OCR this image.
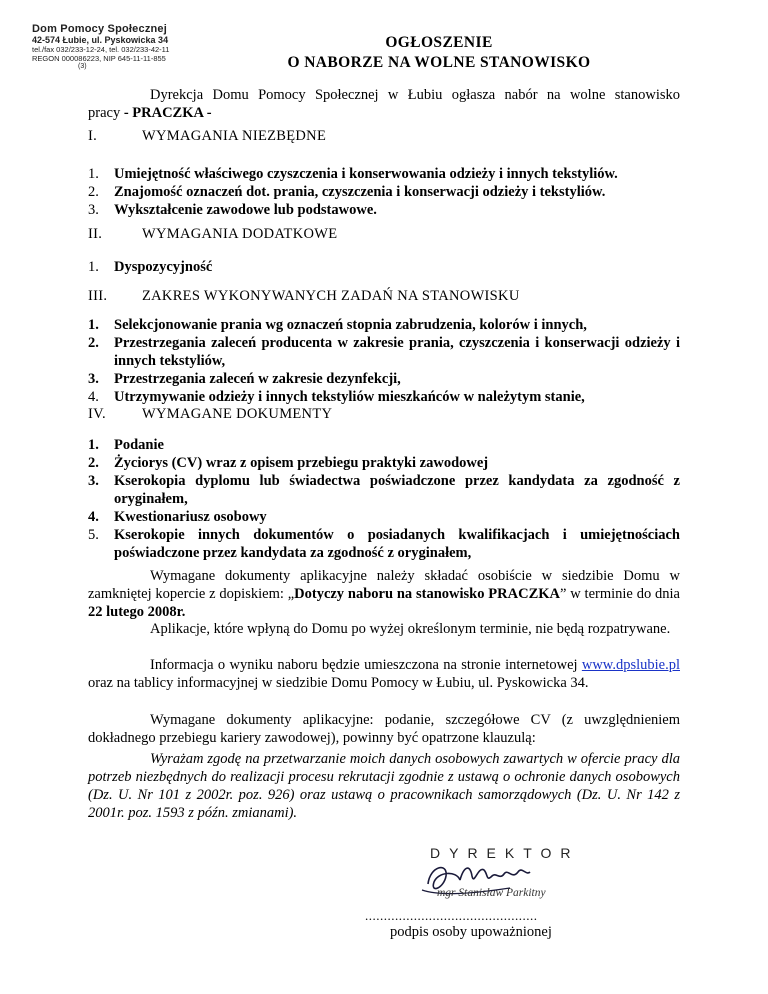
Dom Pomocy Społecznej
42-574 Łubie, ul. Pyskowicka 34
tel./fax 032/233-12-24, tel. 032/233-42-11
REGON 000086223, NIP 645-11-11-855
(3)
OGŁOSZENIE
O NABORZE NA WOLNE STANOWISKO
Dyrekcja Domu Pomocy Społecznej w Łubiu ogłasza nabór na wolne stanowisko
pracy - PRACZKA -
I.	WYMAGANIA NIEZBĘDNE
1. Umiejętność właściwego czyszczenia i konserwowania odzieży i innych tekstyliów.
2. Znajomość oznaczeń dot. prania, czyszczenia i konserwacji odzieży i tekstyliów.
3. Wykształcenie zawodowe lub podstawowe.
II.	WYMAGANIA DODATKOWE
1. Dyspozycyjność
III. ZAKRES WYKONYWANYCH ZADAŃ NA STANOWISKU
1. Selekcjonowanie prania wg oznaczeń stopnia zabrudzenia, kolorów i innych,
2. Przestrzegania zaleceń producenta w zakresie prania, czyszczenia i konserwacji odzieży i innych tekstyliów,
3. Przestrzegania zaleceń w zakresie dezynfekcji,
4. Utrzymywanie odzieży i innych tekstyliów mieszkańców w należytym stanie,
IV. WYMAGANE DOKUMENTY
1. Podanie
2. Życiorys (CV) wraz z opisem przebiegu praktyki zawodowej
3. Kserokopia dyplomu lub świadectwa poświadczone przez kandydata za zgodność z oryginałem,
4. Kwestionariusz osobowy
5. Kserokopie innych dokumentów o posiadanych kwalifikacjach i umiejętnościach poświadczone przez kandydata za zgodność z oryginałem,
Wymagane dokumenty aplikacyjne należy składać osobiście w siedzibie Domu w zamkniętej kopercie z dopiskiem: „Dotyczy naboru na stanowisko PRACZKA” w terminie do dnia 22 lutego 2008r.
Aplikacje, które wpłyną do Domu po wyżej określonym terminie, nie będą rozpatrywane.
Informacja o wyniku naboru będzie umieszczona na stronie internetowej www.dpslubie.pl oraz na tablicy informacyjnej w siedzibie Domu Pomocy w Łubiu, ul. Pyskowicka 34.
Wymagane dokumenty aplikacyjne: podanie, szczegółowe CV (z uwzględnieniem dokładnego przebiegu kariery zawodowej), powinny być opatrzone klauzulą:
Wyrażam zgodę na przetwarzanie moich danych osobowych zawartych w ofercie pracy dla potrzeb niezbędnych do realizacji procesu rekrutacji zgodnie z ustawą o ochronie danych osobowych (Dz. U. Nr 101 z 2002r. poz. 926) oraz ustawą o pracownikach samorządowych (Dz. U. Nr 142 z 2001r. poz. 1593 z późn. zmianami).
DYREKTOR
mgr Stanisław Parkitny
..............................................
podpis osoby upoważnionej
